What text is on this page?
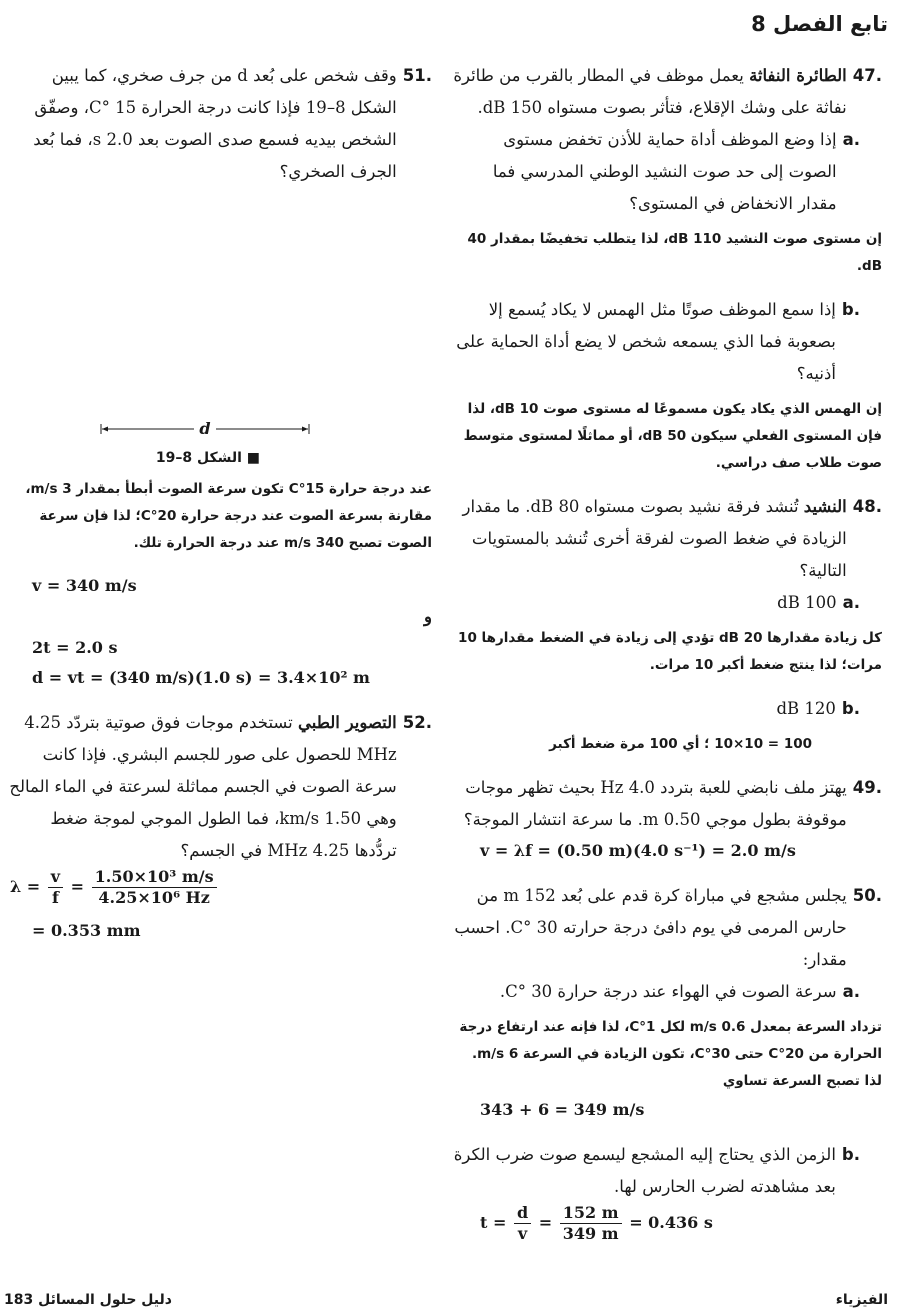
تابع الفصل 8
.47
الطائرة النفاثة يعمل موظف في المطار بالقرب من طائرة نفاثة على وشك الإقلاع، فتأثر بصوت مستواه 150 dB.
.a
إذا وضع الموظف أداة حماية للأذن تخفض مستوى الصوت إلى حد صوت النشيد الوطني المدرسي فما مقدار الانخفاض في المستوى؟
إن مستوى صوت النشيد 110 dB، لذا يتطلب تخفيضًا بمقدار 40 dB.
.b
إذا سمع الموظف صوتًا مثل الهمس لا يكاد يُسمع إلا بصعوبة فما الذي يسمعه شخص لا يضع أداة الحماية على أذنيه؟
إن الهمس الذي يكاد يكون مسموعًا له مستوى صوت 10 dB، لذا فإن المستوى الفعلي سيكون 50 dB، أو مماثلًا لمستوى متوسط صوت طلاب صف دراسي.
.48
النشيد تُنشد فرقة نشيد بصوت مستواه 80 dB. ما مقدار الزيادة في ضغط الصوت لفرقة أخرى تُنشد بالمستويات التالية؟
.a
100 dB
كل زيادة مقدارها 20 dB تؤدي إلى زيادة في الضغط مقدارها 10 مرات؛ لذا ينتج ضغط أكبر 10 مرات.
.b
120 dB
100 = 10×10 ؛ أي 100 مرة ضغط أكبر
.49
يهتز ملف نابضي للعبة بتردد 4.0 Hz بحيث تظهر موجات موقوفة بطول موجي 0.50 m. ما سرعة انتشار الموجة؟
v = λf = (0.50 m)(4.0 s⁻¹) = 2.0 m/s
.50
يجلس مشجع في مباراة كرة قدم على بُعد 152 m من حارس المرمى في يوم دافئ درجة حرارته 30 °C. احسب مقدار:
.a
سرعة الصوت في الهواء عند درجة حرارة 30 °C.
تزداد السرعة بمعدل 0.6 m/s لكل 1°C، لذا فإنه عند ارتفاع درجة الحرارة من 20°C حتى 30°C، تكون الزيادة في السرعة 6 m/s. لذا تصبح السرعة تساوي
343 + 6 = 349 m/s
.b
الزمن الذي يحتاج إليه المشجع ليسمع صوت ضرب الكرة بعد مشاهدته لضرب الحارس لها.
$t = \frac{d}{v} = \frac{152 m}{349 m} = 0.436$ s
.51
وقف شخص على بُعد d من جرف صخري، كما يبين الشكل 8–19 فإذا كانت درجة الحرارة 15 °C، وصفّق الشخص بيديه فسمع صدى الصوت بعد 2.0 s، فما بُعد الجرف الصخري؟
d
■ الشكل 8–19
عند درجة حرارة 15°C تكون سرعة الصوت أبطأ بمقدار 3 m/s، مقارنة بسرعة الصوت عند درجة حرارة 20°C؛ لذا فإن سرعة الصوت تصبح 340 m/s عند درجة الحرارة تلك.
v = 340 m/s
و
2t = 2.0 s
d = vt = (340 m/s)(1.0 s) = 3.4×10² m
.52
التصوير الطبي تستخدم موجات فوق صوتية بتردّد 4.25 MHz للحصول على صور للجسم البشري. فإذا كانت سرعة الصوت في الجسم مماثلة لسرعتة في الماء المالح وهي 1.50 km/s، فما الطول الموجي لموجة ضغط تردُّدها 4.25 MHz في الجسم؟
$\lambda = \frac{v}{f} = \frac{\text{1.50×10³ m/s}}{\text{4.25×10⁶ Hz}}$
= 0.353 mm
دليل حلول المسائل 183	الفيزياء
